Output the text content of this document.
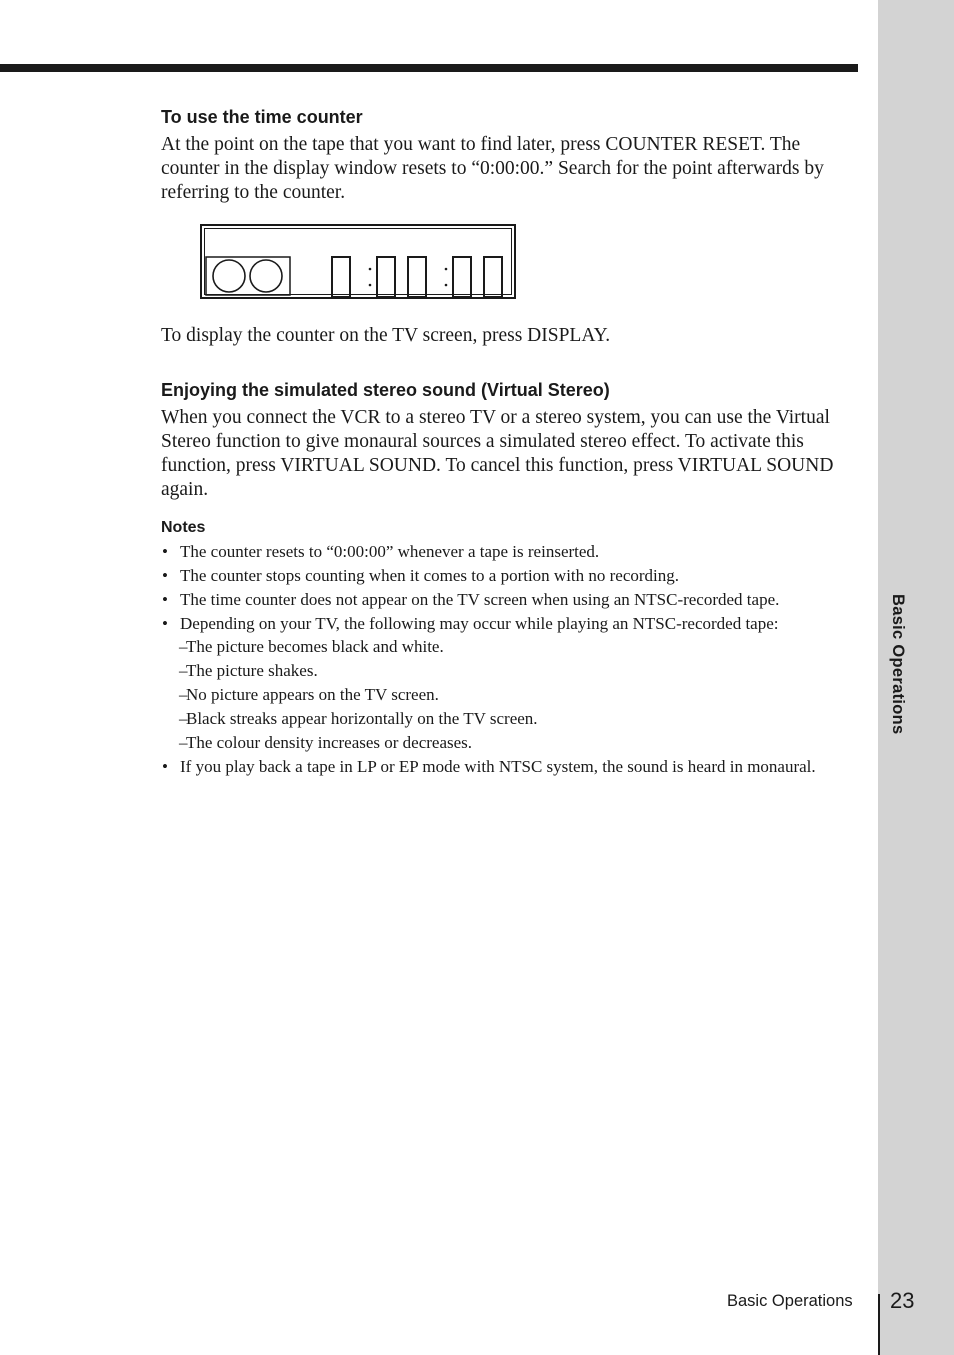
Basic Operations
To use the time counter

At the point on the tape that you want to find later, press COUNTER RESET. The counter in the display window resets to “0:00:00.” Search for the point afterwards by referring to the counter.

To display the counter on the TV screen, press DISPLAY.

Enjoying the simulated stereo sound (Virtual Stereo)

When you connect the VCR to a stereo TV or a stereo system, you can use the Virtual Stereo function to give monaural sources a simulated stereo effect. To activate this function, press VIRTUAL SOUND. To cancel this function, press VIRTUAL SOUND again.

Notes
• The counter resets to “0:00:00” whenever a tape is reinserted.
• The counter stops counting when it comes to a portion with no recording.
• The time counter does not appear on the TV screen when using an NTSC-recorded tape.
• Depending on your TV, the following may occur while playing an NTSC-recorded tape:
–
The picture becomes black and white.
–
The picture shakes.
–
No picture appears on the TV screen.
–
Black streaks appear horizontally on the TV screen.
–
The colour density increases or decreases.
• If you play back a tape in LP or EP mode with NTSC system, the sound is heard in monaural.
Basic Operations 23
